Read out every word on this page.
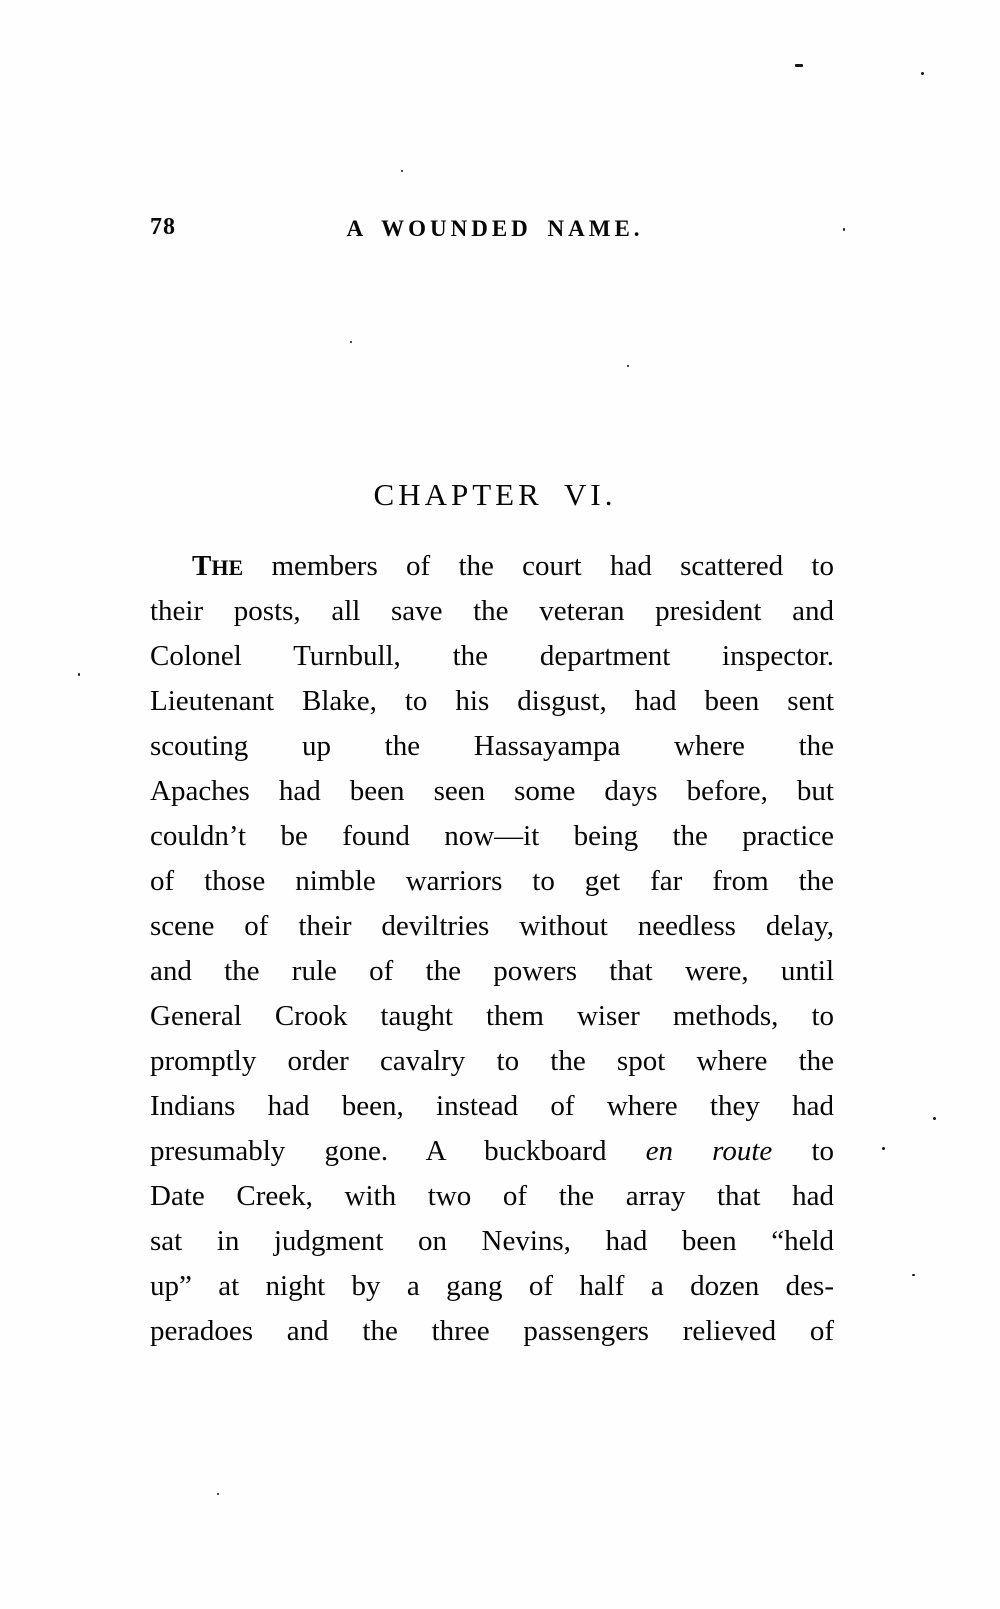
78	A WOUNDED NAME.
CHAPTER VI.
THE members of the court had scattered to
their posts, all save the veteran president and
Colonel Turnbull, the department inspector.
Lieutenant Blake, to his disgust, had been sent
scouting up the Hassayampa where the
Apaches had been seen some days before, but
couldn’t be found now—it being the practice
of those nimble warriors to get far from the
scene of their deviltries without needless delay,
and the rule of the powers that were, until
General Crook taught them wiser methods, to
promptly order cavalry to the spot where the
Indians had been, instead of where they had
presumably gone. A buckboard en route to
Date Creek, with two of the array that had
sat in judgment on Nevins, had been “held
up” at night by a gang of half a dozen des-
peradoes and the three passengers relieved of
